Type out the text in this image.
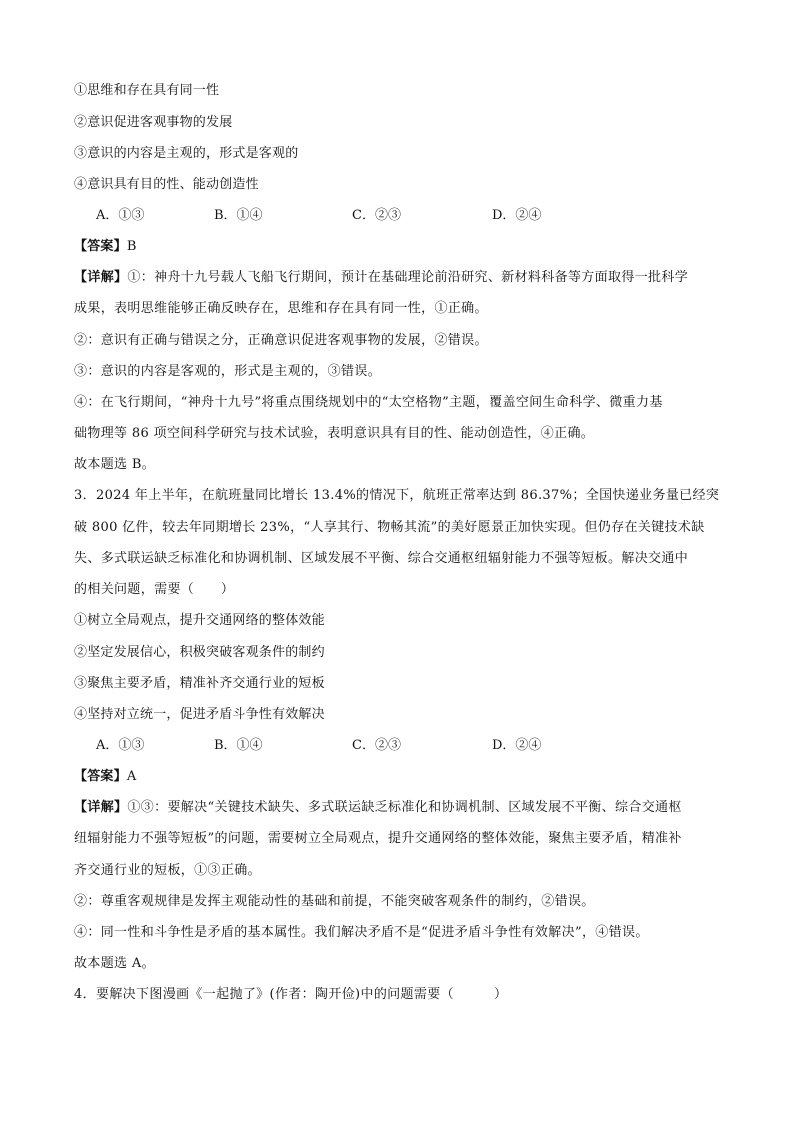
①思维和存在具有同一性
②意识促进客观事物的发展
③意识的内容是主观的，形式是客观的
④意识具有目的性、能动创造性
A．①③	B．①④	C．②③	D．②④
【答案】B
【详解】①：神舟十九号载人飞船飞行期间，预计在基础理论前沿研究、新材料科备等方面取得一批科学
成果，表明思维能够正确反映存在，思维和存在具有同一性，①正确。
②：意识有正确与错误之分，正确意识促进客观事物的发展，②错误。
③：意识的内容是客观的，形式是主观的，③错误。
④：在飞行期间，“神舟十九号”将重点围绕规划中的“太空格物”主题，覆盖空间生命科学、微重力基
础物理等 86 项空间科学研究与技术试验，表明意识具有目的性、能动创造性，④正确。
故本题选 B。
3．2024 年上半年，在航班量同比增长 13.4%的情况下，航班正常率达到 86.37%；全国快递业务量已经突
破 800 亿件，较去年同期增长 23%，“人享其行、物畅其流”的美好愿景正加快实现。但仍存在关键技术缺
失、多式联运缺乏标准化和协调机制、区域发展不平衡、综合交通枢纽辐射能力不强等短板。解决交通中
的相关问题，需要（　　）
①树立全局观点，提升交通网络的整体效能
②坚定发展信心，积极突破客观条件的制约
③聚焦主要矛盾，精准补齐交通行业的短板
④坚持对立统一，促进矛盾斗争性有效解决
A．①③	B．①④	C．②③	D．②④
【答案】A
【详解】①③：要解决“关键技术缺失、多式联运缺乏标准化和协调机制、区域发展不平衡、综合交通枢
纽辐射能力不强等短板”的问题，需要树立全局观点，提升交通网络的整体效能，聚焦主要矛盾，精准补
齐交通行业的短板，①③正确。
②：尊重客观规律是发挥主观能动性的基础和前提，不能突破客观条件的制约，②错误。
④：同一性和斗争性是矛盾的基本属性。我们解决矛盾不是“促进矛盾斗争性有效解决”，④错误。
故本题选 A。
4．要解决下图漫画《一起抛了》(作者：陶开俭)中的问题需要（　　　）
